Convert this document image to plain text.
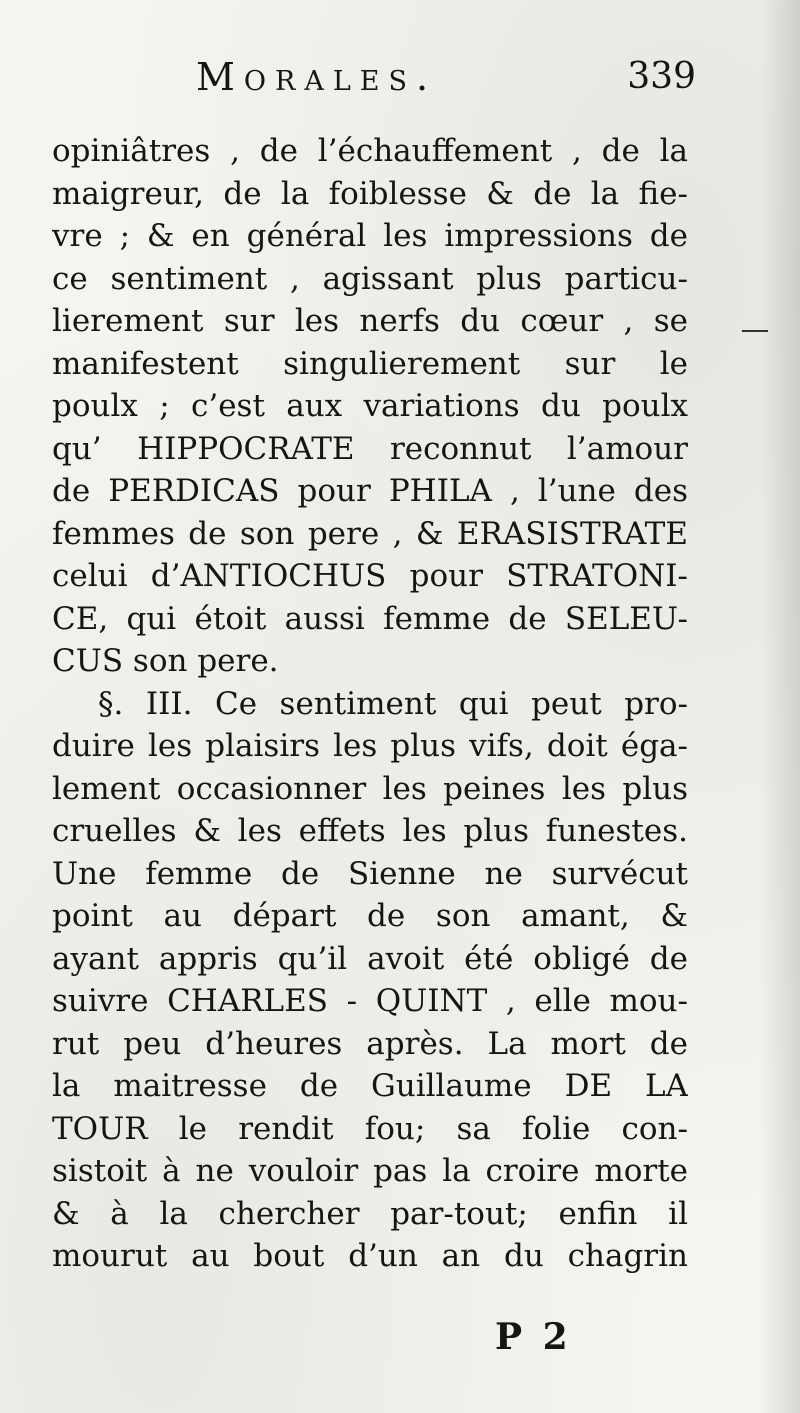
Morales.	339
opiniâtres , de l’échauffement , de la
maigreur, de la foiblesse & de la fie-
vre ; & en général les impressions de
ce sentiment , agissant plus particu-
lierement sur les nerfs du cœur , se
manifestent singulierement sur le
poulx ; c’est aux variations du poulx
qu’ HIPPOCRATE reconnut l’amour
de PERDICAS pour PHILA , l’une des
femmes de son pere , & ERASISTRATE
celui d’ANTIOCHUS pour STRATONI-
CE, qui étoit aussi femme de SELEU-
CUS son pere.
§. III. Ce sentiment qui peut pro-
duire les plaisirs les plus vifs, doit éga-
lement occasionner les peines les plus
cruelles & les effets les plus funestes.
Une femme de Sienne ne survécut
point au départ de son amant, &
ayant appris qu’il avoit été obligé de
suivre CHARLES - QUINT , elle mou-
rut peu d’heures après. La mort de
la maitresse de Guillaume DE LA
TOUR le rendit fou; sa folie con-
sistoit à ne vouloir pas la croire morte
& à la chercher par-tout; enfin il
mourut au bout d’un an du chagrin
P 2
